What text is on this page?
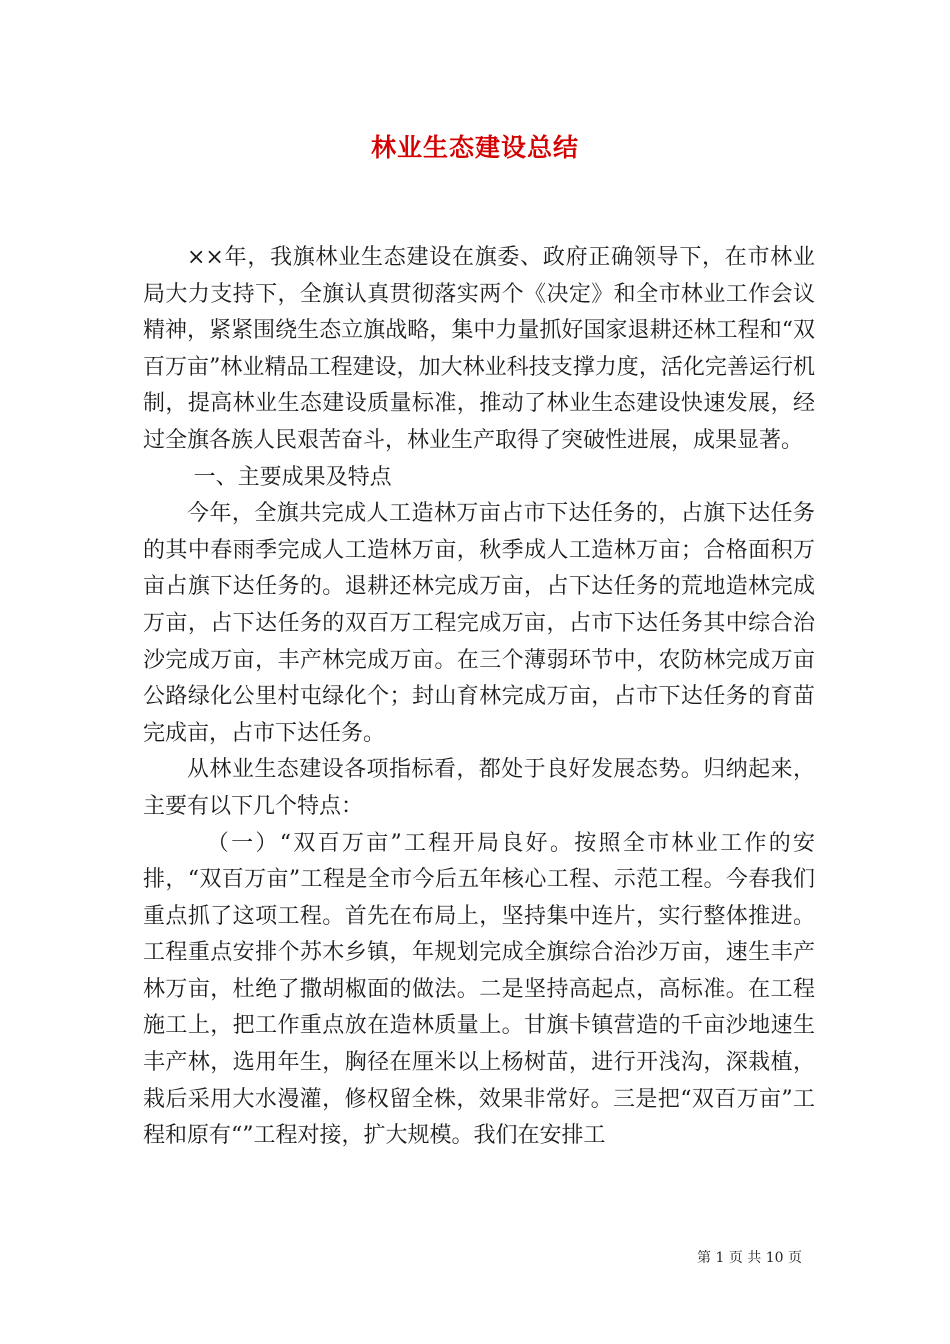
林业生态建设总结

××年，我旗林业生态建设在旗委、政府正确领导下，在市林业局大力支持下，全旗认真贯彻落实两个《决定》和全市林业工作会议精神，紧紧围绕生态立旗战略，集中力量抓好国家退耕还林工程和“双百万亩”林业精品工程建设，加大林业科技支撑力度，活化完善运行机制，提高林业生态建设质量标准，推动了林业生态建设快速发展，经过全旗各族人民艰苦奋斗，林业生产取得了突破性进展，成果显著。

一、主要成果及特点

今年，全旗共完成人工造林万亩占市下达任务的，占旗下达任务的其中春雨季完成人工造林万亩，秋季成人工造林万亩；合格面积万亩占旗下达任务的。退耕还林完成万亩，占下达任务的荒地造林完成万亩，占下达任务的双百万工程完成万亩，占市下达任务其中综合治沙完成万亩，丰产林完成万亩。在三个薄弱环节中，农防林完成万亩公路绿化公里村屯绿化个；封山育林完成万亩，占市下达任务的育苗完成亩，占市下达任务。

从林业生态建设各项指标看，都处于良好发展态势。归纳起来，主要有以下几个特点：

（一）“双百万亩”工程开局良好。按照全市林业工作的安排，“双百万亩”工程是全市今后五年核心工程、示范工程。今春我们重点抓了这项工程。首先在布局上，坚持集中连片，实行整体推进。工程重点安排个苏木乡镇，年规划完成全旗综合治沙万亩，速生丰产林万亩，杜绝了撒胡椒面的做法。二是坚持高起点，高标准。在工程施工上，把工作重点放在造林质量上。甘旗卡镇营造的千亩沙地速生丰产林，选用年生，胸径在厘米以上杨树苗，进行开浅沟，深栽植，栽后采用大水漫灌，修权留全株，效果非常好。三是把“双百万亩”工程和原有“”工程对接，扩大规模。我们在安排工

第 1 页 共 10 页
